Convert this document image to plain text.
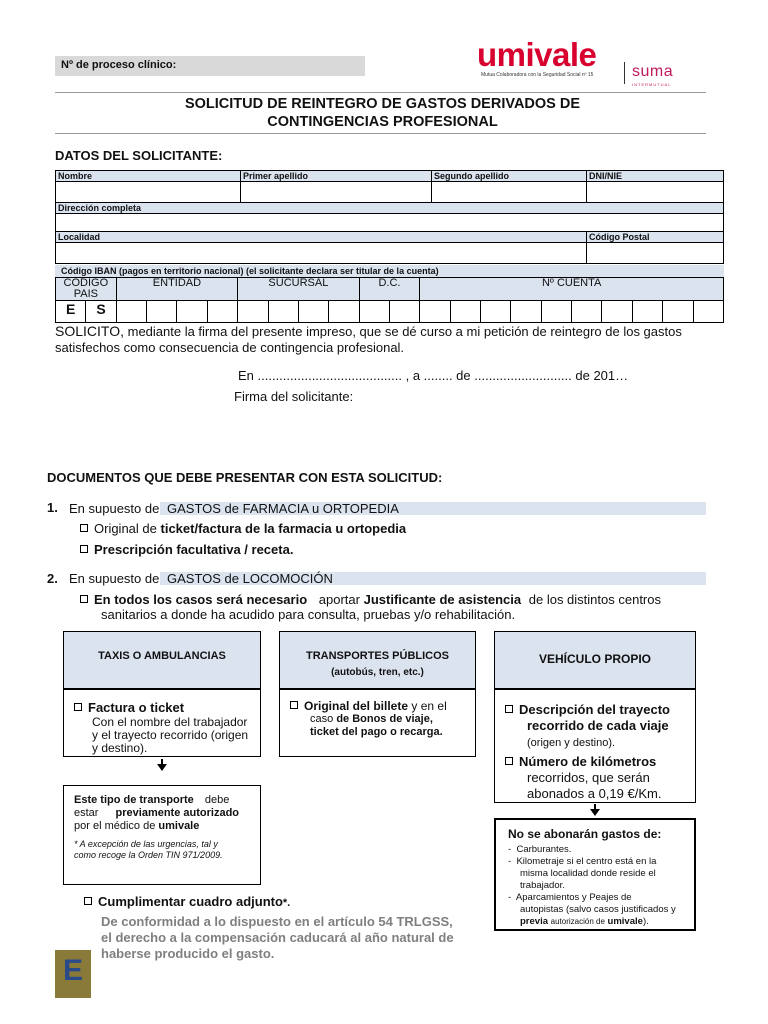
Nº de proceso clínico:	umivale
Mutua Colaboradora con la Seguridad Social nº 15 suma
INTERMUTUAL
SOLICITUD DE REINTEGRO DE GASTOS DERIVADOS DE
CONTINGENCIAS PROFESIONAL
DATOS DEL SOLICITANTE:
Nombre	Primer apellido	Segundo apellido	DNI/NIE

Dirección completa			

Localidad			Código Postal

Código IBAN (pagos en territorio nacional) (el solicitante declara ser titular de la cuenta)
CODIGO PAIS		ENTIDAD				SUCURSAL				D.C.		Nº CUENTA									
E	S																				
SOLICITO, mediante la firma del presente impreso, que se dé curso a mi petición de reintegro de los gastos
satisfechos como consecuencia de contingencia profesional.
En ........................................ , a ........ de ........................... de 201…
Firma del solicitante:
DOCUMENTOS QUE DEBE PRESENTAR CON ESTA SOLICITUD:
1. En supuesto de GASTOS de FARMACIA u ORTOPEDIA
Original de ticket/factura de la farmacia u ortopedia
Prescripción facultativa / receta.
2. En supuesto de GASTOS de LOCOMOCIÓN
En todos los casos será necesario aportar Justificante de asistencia de los distintos centros
sanitarios a donde ha acudido para consulta, pruebas y/o rehabilitación.
TAXIS O AMBULANCIAS
Factura o ticket
Con el nombre del trabajador
y el trayecto recorrido (origen
y destino).
Este tipo de transporte debe
estar previamente autorizado
por el médico de umivale
* A excepción de las urgencias, tal y
como recoge la Orden TIN 971/2009.
TRANSPORTES PÚBLICOS
(autobús, tren, etc.)
Original del billete y en el
caso de Bonos de viaje,
ticket del pago o recarga.
VEHÍCULO PROPIO
Descripción del trayecto
recorrido de cada viaje
(origen y destino).
Número de kilómetros
recorridos, que serán
abonados a 0,19 €/Km.
No se abonarán gastos de:
-  Carburantes.
-  Kilometraje si el centro está en la
misma localidad donde reside el
trabajador.
-  Aparcamientos y Peajes de
autopistas (salvo casos justificados y
previa autorización de umivale).
Cumplimentar cuadro adjunto*.
De conformidad a lo dispuesto en el artículo 54 TRLGSS,
el derecho a la compensación caducará al año natural de
haberse producido el gasto.
E
